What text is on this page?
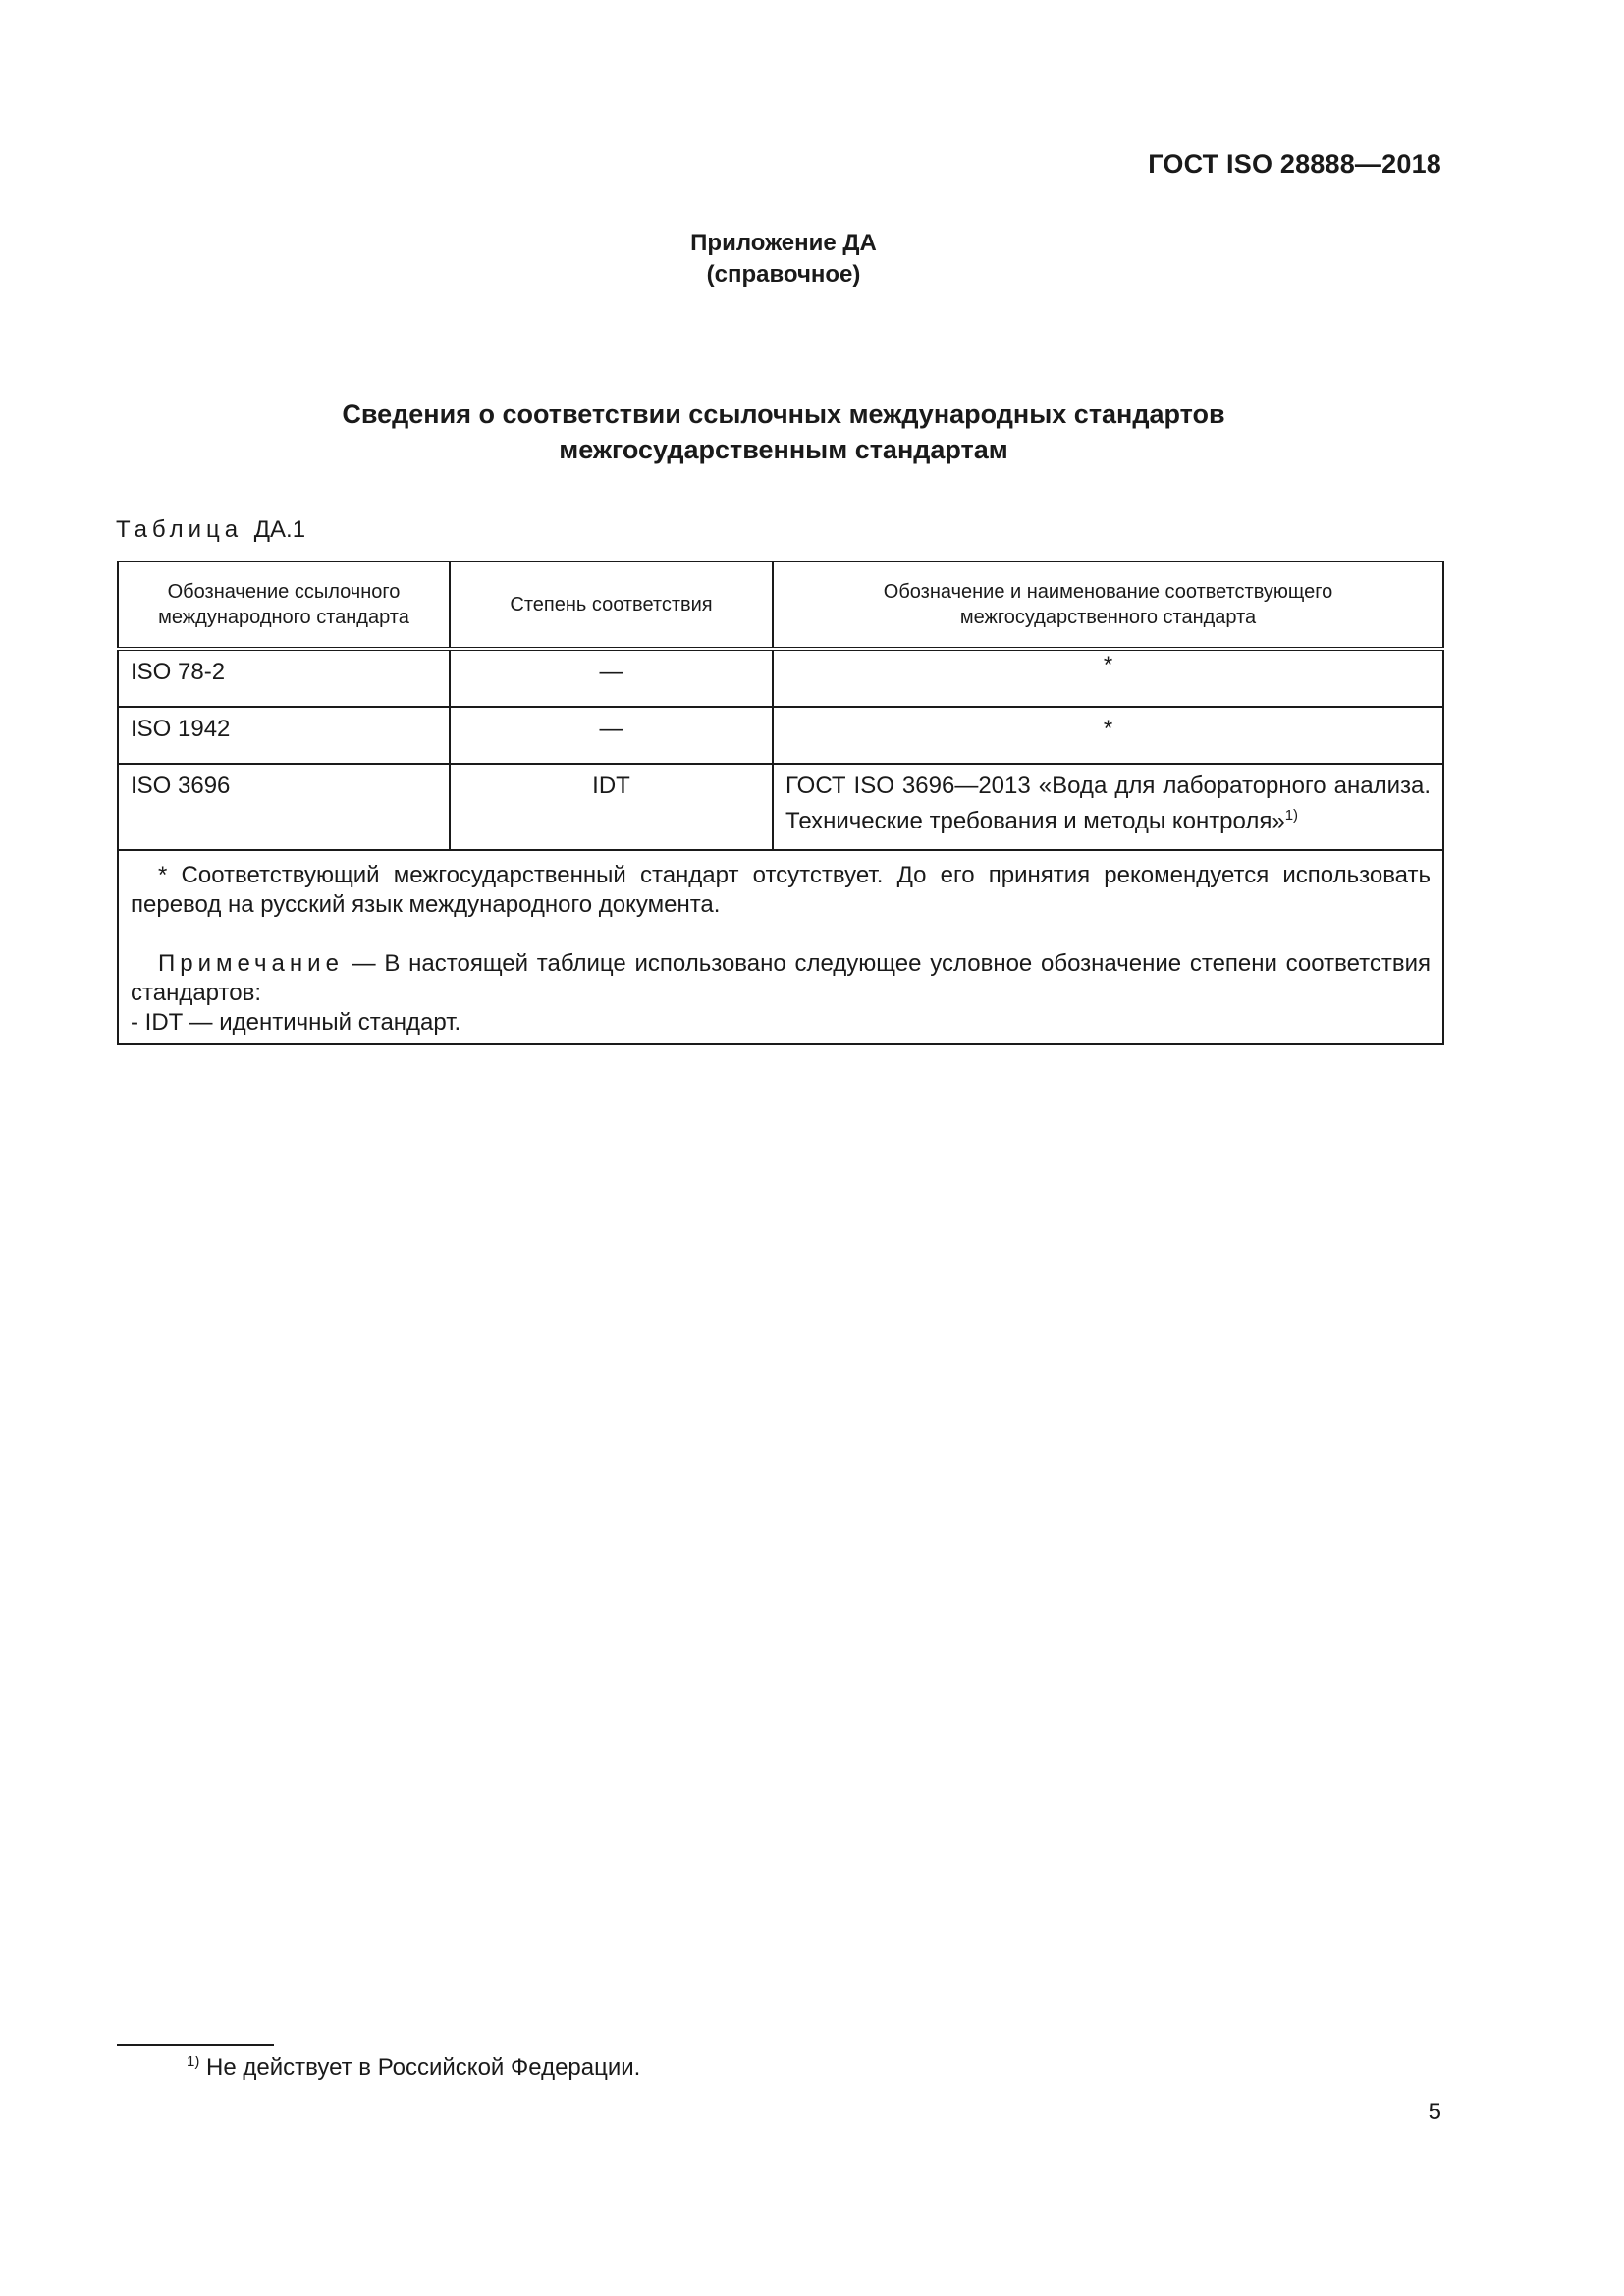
ГОСТ ISO 28888—2018
Приложение ДА
(справочное)
Сведения о соответствии ссылочных международных стандартов
межгосударственным стандартам
Таблица ДА.1
Обозначение ссылочного международного стандарта	Степень соответствия	Обозначение и наименование соответствующего межгосударственного стандарта
ISO 78-2	—	*
ISO 1942	—	*
ISO 3696	IDT	ГОСТ ISO 3696—2013 «Вода для лабораторного анализа. Технические требования и методы контроля»$^{1)}$

* Соответствующий межгосударственный стандарт отсутствует. До его принятия рекомендуется использовать перевод на русский язык международного документа.

Примечание — В настоящей таблице использовано следующее условное обозначение степени соответствия стандартов:

- IDT — идентичный стандарт.		

$^{1)}$ Не действует в Российской Федерации.
5
